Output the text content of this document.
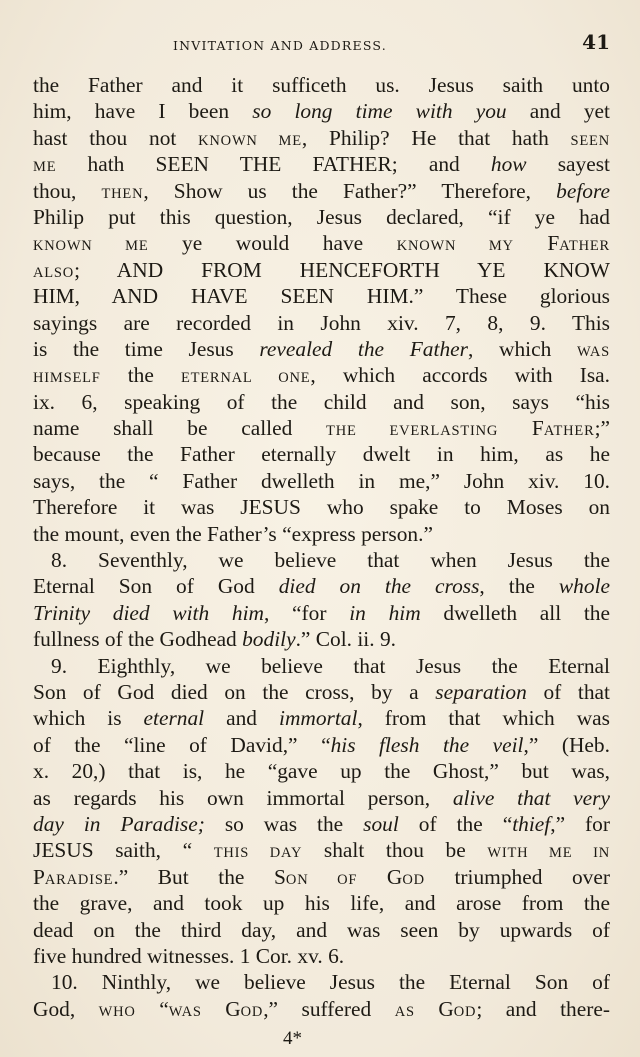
INVITATION AND ADDRESS.	41
the Father and it sufficeth us. Jesus saith unto
him, have I been so long time with you and yet
hast thou not KNOWN ME, Philip? He that hath SEEN
ME hath SEEN THE FATHER; and how sayest
thou, THEN, Show us the Father?” Therefore, before
Philip put this question, Jesus declared, “if ye had
KNOWN ME ye would have KNOWN MY FATHER
ALSO; AND FROM HENCEFORTH YE KNOW
HIM, AND HAVE SEEN HIM.” These glorious
sayings are recorded in John xiv. 7, 8, 9. This
is the time Jesus revealed the Father, which WAS
HIMSELF the ETERNAL ONE, which accords with Isa.
ix. 6, speaking of the child and son, says “his
name shall be called THE EVERLASTING FATHER;”
because the Father eternally dwelt in him, as he
says, the “ Father dwelleth in me,” John xiv. 10.
Therefore it was JESUS who spake to Moses on
the mount, even the Father’s “express person.”
8. Seventhly, we believe that when Jesus the
Eternal Son of God died on the cross, the whole
Trinity died with him, “for in him dwelleth all the
fullness of the Godhead bodily.” Col. ii. 9.
9. Eighthly, we believe that Jesus the Eternal
Son of God died on the cross, by a separation of that
which is eternal and immortal, from that which was
of the “line of David,” “his flesh the veil,” (Heb.
x. 20,) that is, he “gave up the Ghost,” but was,
as regards his own immortal person, alive that very
day in Paradise; so was the soul of the “thief,” for
JESUS saith, “ THIS DAY shalt thou be WITH ME IN
PARADISE.” But the SON OF GOD triumphed over
the grave, and took up his life, and arose from the
dead on the third day, and was seen by upwards of
five hundred witnesses. 1 Cor. xv. 6.
10. Ninthly, we believe Jesus the Eternal Son of
God, WHO “WAS GOD,” suffered AS GOD; and there-
4*
